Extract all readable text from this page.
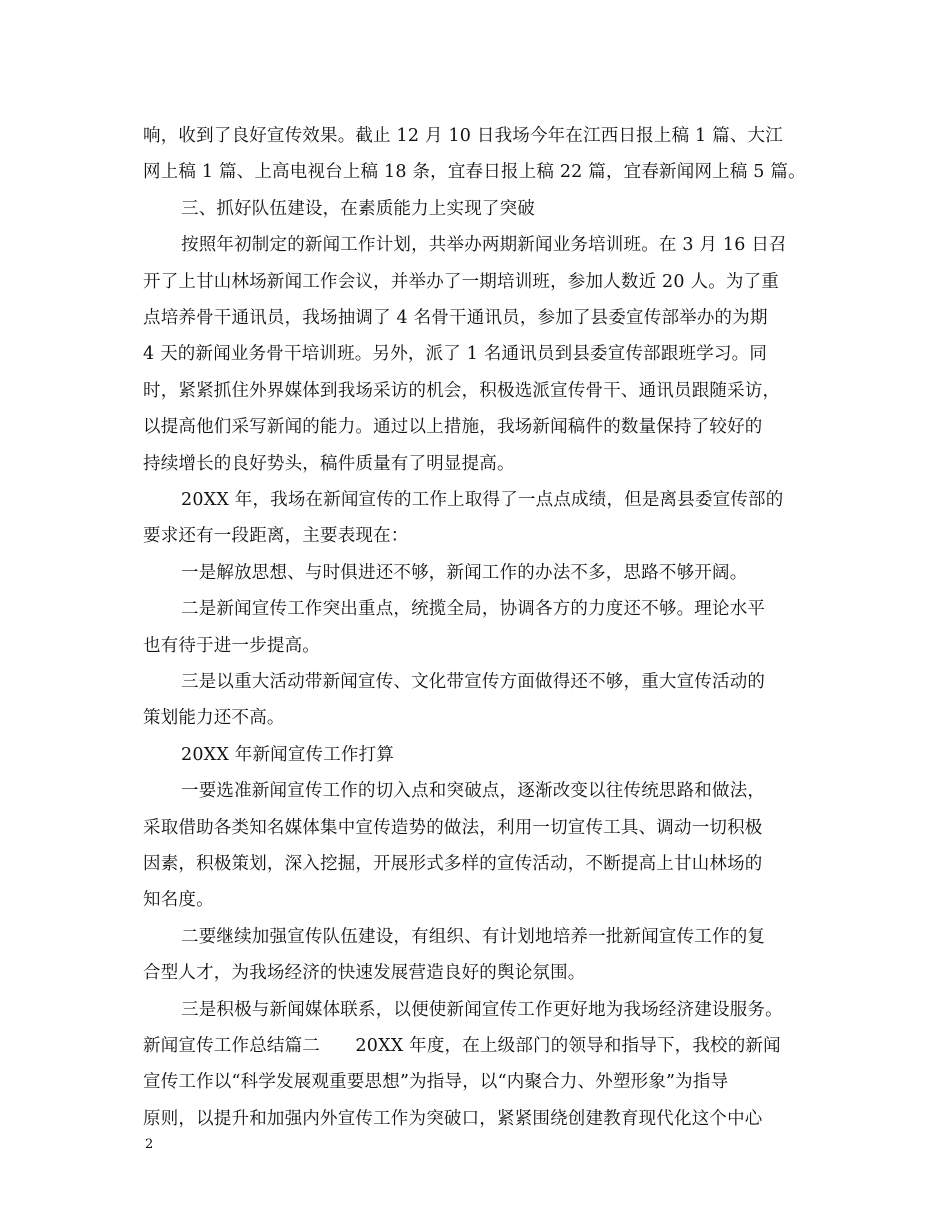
响，收到了良好宣传效果。截止 12 月 10 日我场今年在江西日报上稿 1 篇、大江
网上稿 1 篇、上高电视台上稿 18 条，宜春日报上稿 22 篇，宜春新闻网上稿 5 篇。
三、抓好队伍建设，在素质能力上实现了突破
按照年初制定的新闻工作计划，共举办两期新闻业务培训班。在 3 月 16 日召
开了上甘山林场新闻工作会议，并举办了一期培训班，参加人数近 20 人。为了重
点培养骨干通讯员，我场抽调了 4 名骨干通讯员，参加了县委宣传部举办的为期
4 天的新闻业务骨干培训班。另外，派了 1 名通讯员到县委宣传部跟班学习。同
时，紧紧抓住外界媒体到我场采访的机会，积极选派宣传骨干、通讯员跟随采访，
以提高他们采写新闻的能力。通过以上措施，我场新闻稿件的数量保持了较好的
持续增长的良好势头，稿件质量有了明显提高。
20XX 年，我场在新闻宣传的工作上取得了一点点成绩，但是离县委宣传部的
要求还有一段距离，主要表现在：
一是解放思想、与时俱进还不够，新闻工作的办法不多，思路不够开阔。
二是新闻宣传工作突出重点，统揽全局，协调各方的力度还不够。理论水平
也有待于进一步提高。
三是以重大活动带新闻宣传、文化带宣传方面做得还不够，重大宣传活动的
策划能力还不高。
20XX 年新闻宣传工作打算
一要选准新闻宣传工作的切入点和突破点，逐渐改变以往传统思路和做法，
采取借助各类知名媒体集中宣传造势的做法，利用一切宣传工具、调动一切积极
因素，积极策划，深入挖掘，开展形式多样的宣传活动，不断提高上甘山林场的
知名度。
二要继续加强宣传队伍建设，有组织、有计划地培养一批新闻宣传工作的复
合型人才，为我场经济的快速发展营造良好的舆论氛围。
三是积极与新闻媒体联系，以便使新闻宣传工作更好地为我场经济建设服务。
新闻宣传工作总结篇二　　20XX 年度，在上级部门的领导和指导下，我校的新闻
宣传工作以“科学发展观重要思想”为指导，以“内聚合力、外塑形象”为指导
原则，以提升和加强内外宣传工作为突破口，紧紧围绕创建教育现代化这个中心
2
